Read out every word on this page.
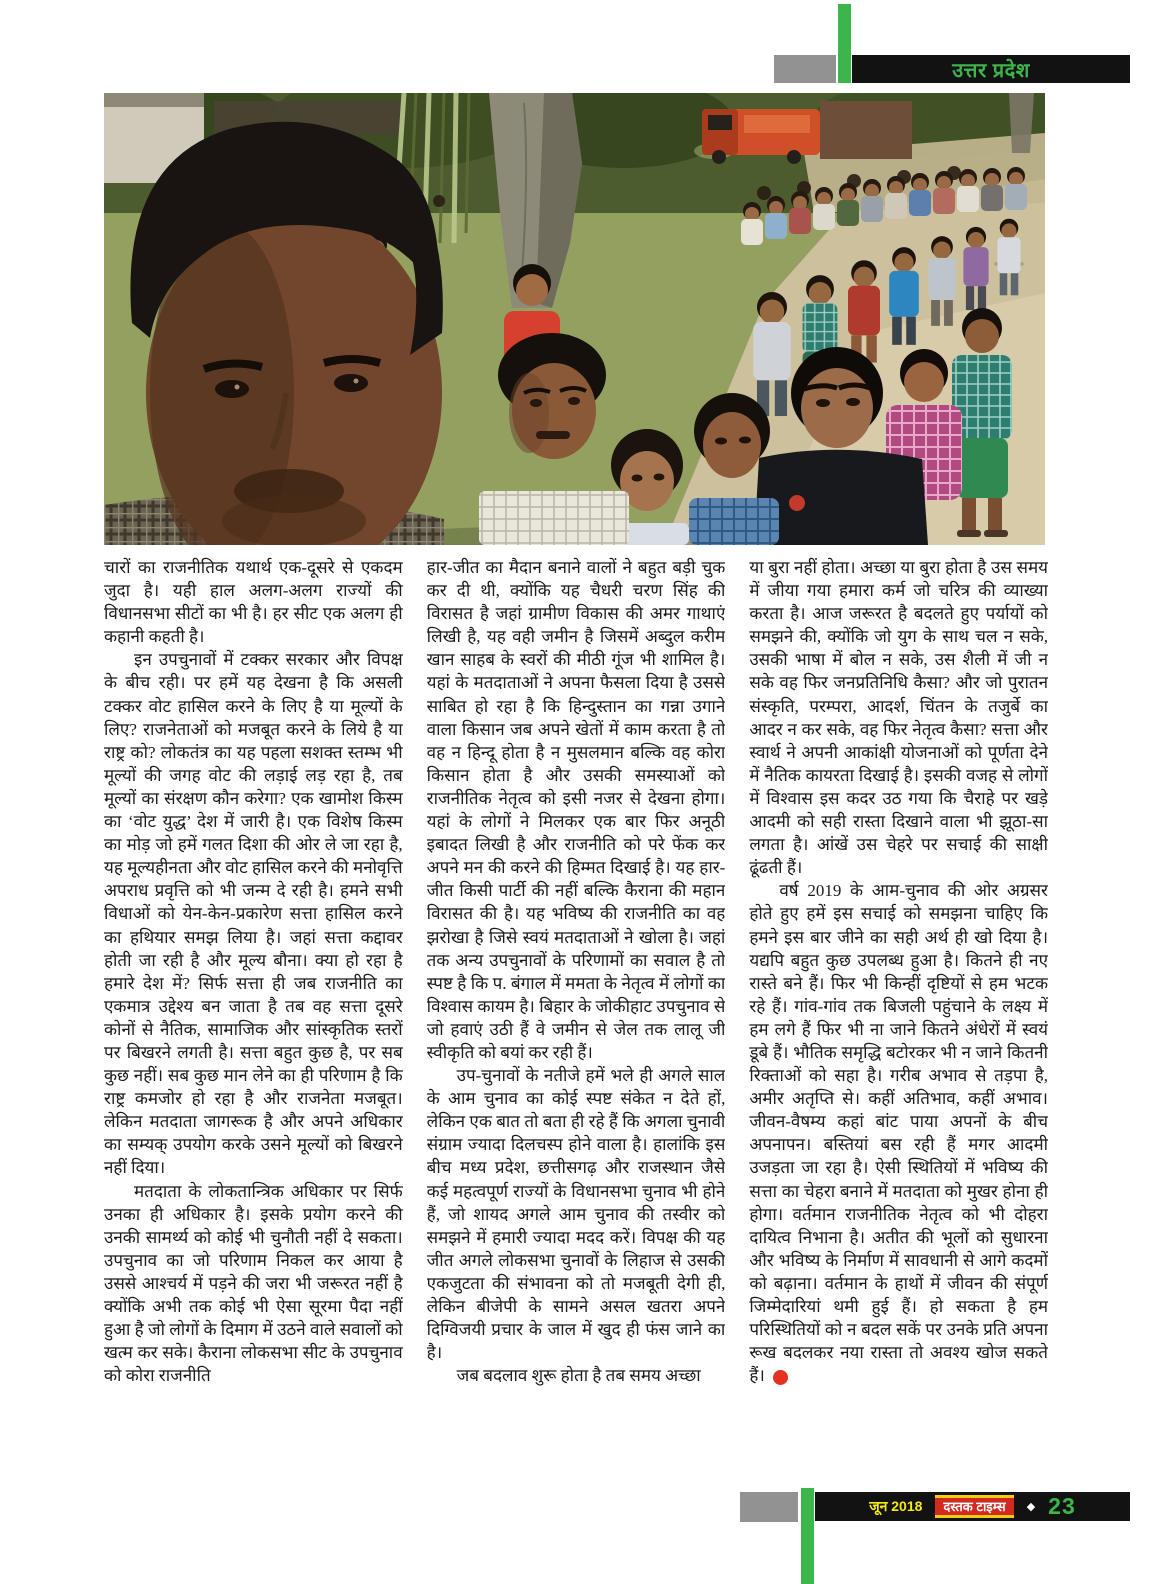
उत्तर प्रदेश

चारों का राजनीतिक यथार्थ एक-दूसरे से एकदम जुदा है। यही हाल अलग-अलग राज्यों की विधानसभा सीटों का भी है। हर सीट एक अलग ही कहानी कहती है।

इन उपचुनावों में टक्कर सरकार और विपक्ष के बीच रही। पर हमें यह देखना है कि असली टक्कर वोट हासिल करने के लिए है या मूल्यों के लिए? राजनेताओं को मजबूत करने के लिये है या राष्ट्र को? लोकतंत्र का यह पहला सशक्त स्तम्भ भी मूल्यों की जगह वोट की लड़ाई लड़ रहा है, तब मूल्यों का संरक्षण कौन करेगा? एक खामोश किस्म का ‘वोट युद्ध’ देश में जारी है। एक विशेष किस्म का मोड़ जो हमें गलत दिशा की ओर ले जा रहा है, यह मूल्यहीनता और वोट हासिल करने की मनोवृत्ति अपराध प्रवृत्ति को भी जन्म दे रही है। हमने सभी विधाओं को येन-केन-प्रकारेण सत्ता हासिल करने का हथियार समझ लिया है। जहां सत्ता कद्दावर होती जा रही है और मूल्य बौना। क्या हो रहा है हमारे देश में? सिर्फ सत्ता ही जब राजनीति का एकमात्र उद्देश्य बन जाता है तब वह सत्ता दूसरे कोनों से नैतिक, सामाजिक और सांस्कृतिक स्तरों पर बिखरने लगती है। सत्ता बहुत कुछ है, पर सब कुछ नहीं। सब कुछ मान लेने का ही परिणाम है कि राष्ट्र कमजोर हो रहा है और राजनेता मजबूत। लेकिन मतदाता जागरूक है और अपने अधिकार का सम्यक् उपयोग करके उसने मूल्यों को बिखरने नहीं दिया।

मतदाता के लोकतान्त्रिक अधिकार पर सिर्फ उनका ही अधिकार है। इसके प्रयोग करने की उनकी सामर्थ्य को कोई भी चुनौती नहीं दे सकता। उपचुनाव का जो परिणाम निकल कर आया है उससे आश्चर्य में पड़ने की जरा भी जरूरत नहीं है क्योंकि अभी तक कोई भी ऐसा सूरमा पैदा नहीं हुआ है जो लोगों के दिमाग में उठने वाले सवालों को खत्म कर सके। कैराना लोकसभा सीट के उपचुनाव को कोरा राजनीति

हार-जीत का मैदान बनाने वालों ने बहुत बड़ी चुक कर दी थी, क्योंकि यह चैधरी चरण सिंह की विरासत है जहां ग्रामीण विकास की अमर गाथाएं लिखी है, यह वही जमीन है जिसमें अब्दुल करीम खान साहब के स्वरों की मीठी गूंज भी शामिल है। यहां के मतदाताओं ने अपना फैसला दिया है उससे साबित हो रहा है कि हिन्दुस्तान का गन्ना उगाने वाला किसान जब अपने खेतों में काम करता है तो वह न हिन्दू होता है न मुसलमान बल्कि वह कोरा किसान होता है और उसकी समस्याओं को राजनीतिक नेतृत्व को इसी नजर से देखना होगा। यहां के लोगों ने मिलकर एक बार फिर अनूठी इबादत लिखी है और राजनीति को परे फेंक कर अपने मन की करने की हिम्मत दिखाई है। यह हार-जीत किसी पार्टी की नहीं बल्कि कैराना की महान विरासत की है। यह भविष्य की राजनीति का वह झरोखा है जिसे स्वयं मतदाताओं ने खोला है। जहां तक अन्य उपचुनावों के परिणामों का सवाल है तो स्पष्ट है कि प. बंगाल में ममता के नेतृत्व में लोगों का विश्वास कायम है। बिहार के जोकीहाट उपचुनाव से जो हवाएं उठी हैं वे जमीन से जेल तक लालू जी स्वीकृति को बयां कर रही हैं।

उप-चुनावों के नतीजे हमें भले ही अगले साल के आम चुनाव का कोई स्पष्ट संकेत न देते हों, लेकिन एक बात तो बता ही रहे हैं कि अगला चुनावी संग्राम ज्यादा दिलचस्प होने वाला है। हालांकि इस बीच मध्य प्रदेश, छत्तीसगढ़ और राजस्थान जैसे कई महत्वपूर्ण राज्यों के विधानसभा चुनाव भी होने हैं, जो शायद अगले आम चुनाव की तस्वीर को समझने में हमारी ज्यादा मदद करें। विपक्ष की यह जीत अगले लोकसभा चुनावों के लिहाज से उसकी एकजुटता की संभावना को तो मजबूती देगी ही, लेकिन बीजेपी के सामने असल खतरा अपने दिग्विजयी प्रचार के जाल में खुद ही फंस जाने का है।

जब बदलाव शुरू होता है तब समय अच्छा

या बुरा नहीं होता। अच्छा या बुरा होता है उस समय में जीया गया हमारा कर्म जो चरित्र की व्याख्या करता है। आज जरूरत है बदलते हुए पर्यायों को समझने की, क्योंकि जो युग के साथ चल न सके, उसकी भाषा में बोल न सके, उस शैली में जी न सके वह फिर जनप्रतिनिधि कैसा? और जो पुरातन संस्कृति, परम्परा, आदर्श, चिंतन के तजुर्बे का आदर न कर सके, वह फिर नेतृत्व कैसा? सत्ता और स्वार्थ ने अपनी आकांक्षी योजनाओं को पूर्णता देने में नैतिक कायरता दिखाई है। इसकी वजह से लोगों में विश्वास इस कदर उठ गया कि चैराहे पर खड़े आदमी को सही रास्ता दिखाने वाला भी झूठा-सा लगता है। आंखें उस चेहरे पर सचाई की साक्षी ढूंढती हैं।

वर्ष 2019 के आम-चुनाव की ओर अग्रसर होते हुए हमें इस सचाई को समझना चाहिए कि हमने इस बार जीने का सही अर्थ ही खो दिया है। यद्यपि बहुत कुछ उपलब्ध हुआ है। कितने ही नए रास्ते बने हैं। फिर भी किन्हीं दृष्टियों से हम भटक रहे हैं। गांव-गांव तक बिजली पहुंचाने के लक्ष्य में हम लगे हैं फिर भी ना जाने कितने अंधेरों में स्वयं डूबे हैं। भौतिक समृद्धि बटोरकर भी न जाने कितनी रिक्ताओं को सहा है। गरीब अभाव से तड़पा है, अमीर अतृप्ति से। कहीं अतिभाव, कहीं अभाव। जीवन-वैषम्य कहां बांट पाया अपनों के बीच अपनापन। बस्तियां बस रही हैं मगर आदमी उजड़ता जा रहा है। ऐसी स्थितियों में भविष्य की सत्ता का चेहरा बनाने में मतदाता को मुखर होना ही होगा। वर्तमान राजनीतिक नेतृत्व को भी दोहरा दायित्व निभाना है। अतीत की भूलों को सुधारना और भविष्य के निर्माण में सावधानी से आगे कदमों को बढ़ाना। वर्तमान के हाथों में जीवन की संपूर्ण जिम्मेदारियां थमी हुई हैं। हो सकता है हम परिस्थितियों को न बदल सकें पर उनके प्रति अपना रूख बदलकर नया रास्ता तो अवश्य खोज सकते हैं।

जून 2018	दस्तक टाइम्स	◆ 23
